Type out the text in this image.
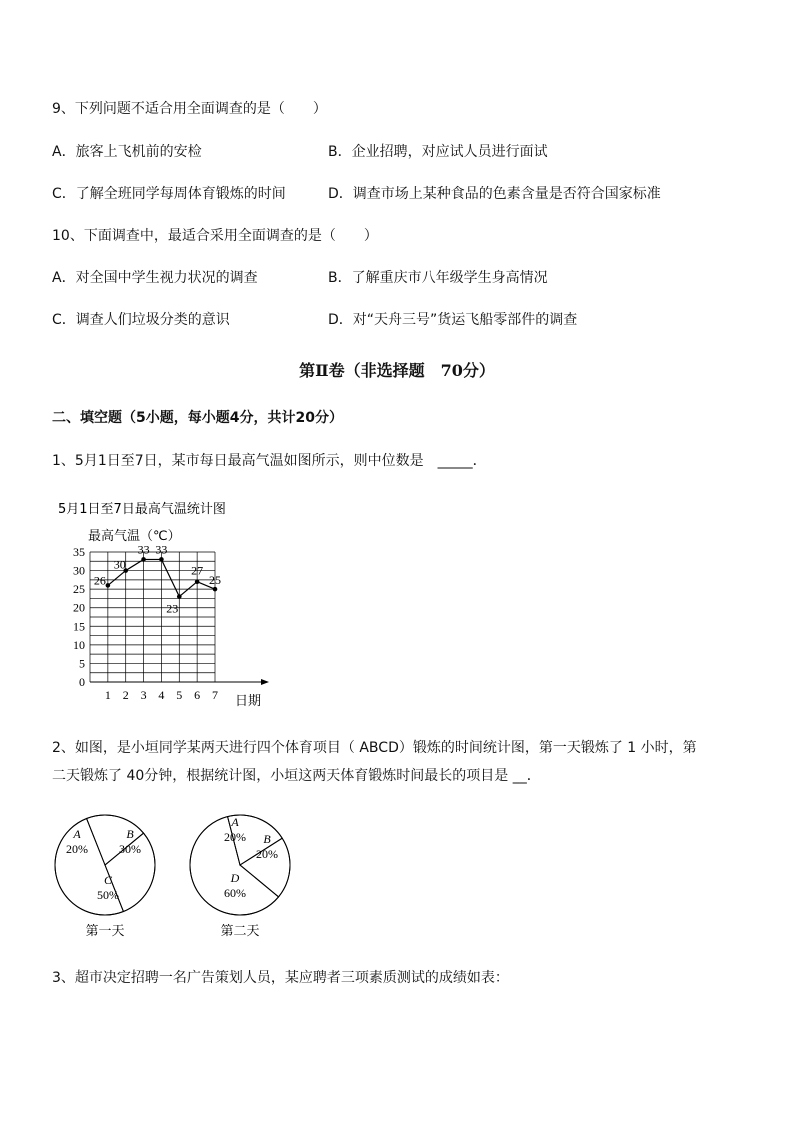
9、下列问题不适合用全面调查的是（　　）
A．旅客上飞机前的安检	B．企业招聘，对应试人员进行面试
C．了解全班同学每周体育锻炼的时间	D．调查市场上某种食品的色素含量是否符合国家标准
10、下面调查中，最适合采用全面调查的是（　　）
A．对全国中学生视力状况的调查	B．了解重庆市八年级学生身高情况
C．调查人们垃圾分类的意识	D．对“天舟三号”货运飞船零部件的调查
第Ⅱ卷（非选择题　70分）
二、填空题（5小题，每小题4分，共计20分）
1、5月1日至7日，某市每日最高气温如图所示，则中位数是　_____．
5月1日至7日最高气温统计图
最高气温（℃）
日期
0
5
10
15
20
25
30
35
1 2 3 4 5 6 7
26
30
33 33
23
27
25
2、如图，是小垣同学某两天进行四个体育项目（ ABCD）锻炼的时间统计图，第一天锻炼了 1 小时，第
二天锻炼了 40分钟，根据统计图，小垣这两天体育锻炼时间最长的项目是 __．
A
20%
B
30%
C
50%
第一天
A
20% B
20%
D
60%
第二天
3、超市决定招聘一名广告策划人员，某应聘者三项素质测试的成绩如表：
